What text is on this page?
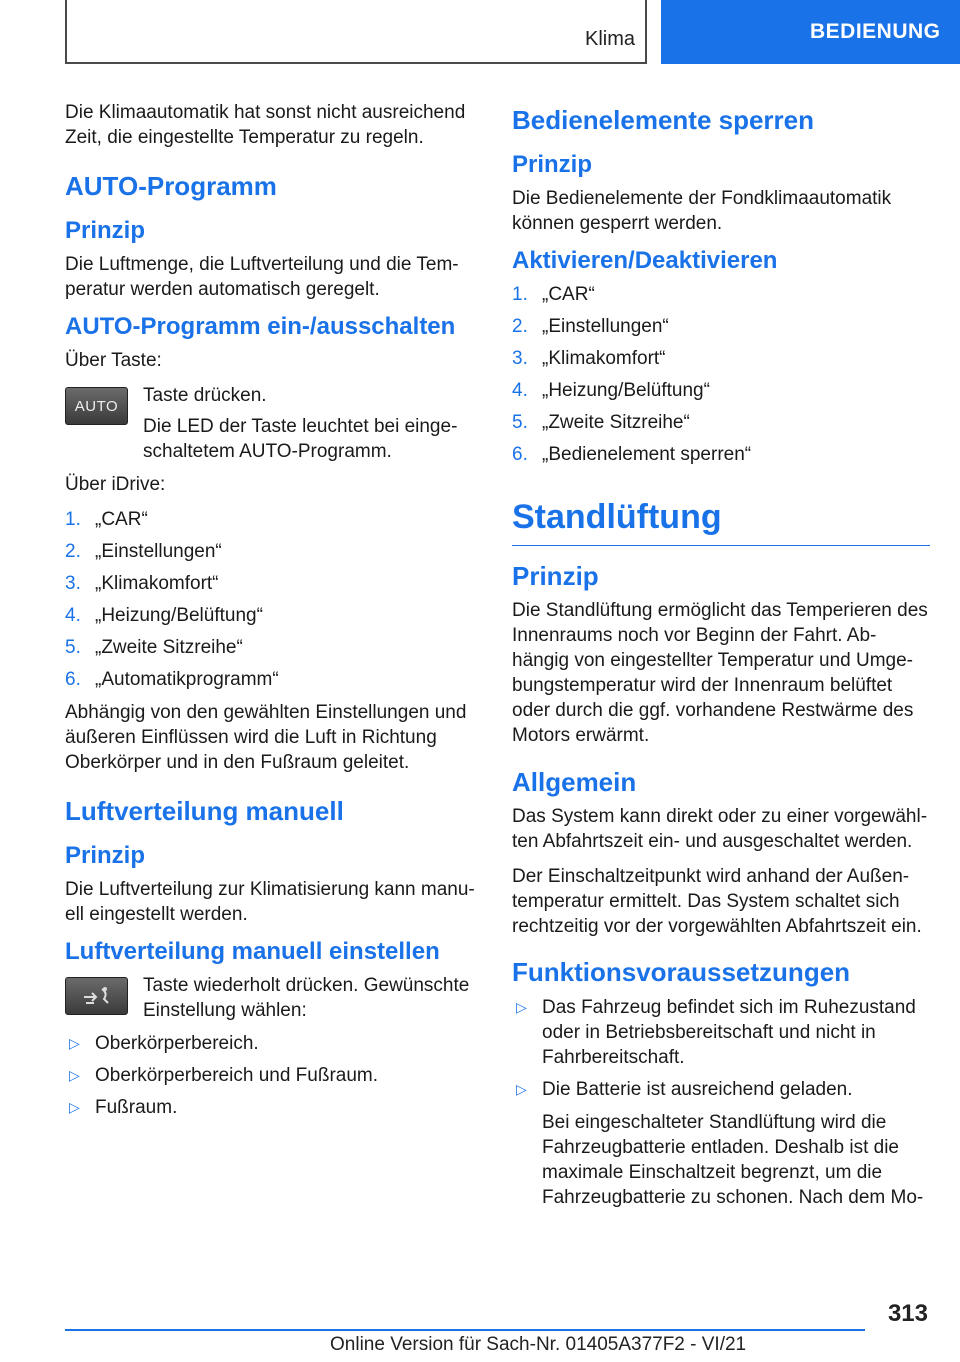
Klima	BEDIENUNG

Die Klimaautomatik hat sonst nicht ausreichend Zeit, die eingestellte Temperatur zu regeln.

AUTO-Programm
Prinzip

Die Luftmenge, die Luftverteilung und die Tem-peratur werden automatisch geregelt.

AUTO-Programm ein-/ausschalten

Über Taste:

AUTO Taste drücken.

Die LED der Taste leuchtet bei einge-schaltetem AUTO-Programm.

Über iDrive:

1. „CAR“
2. „Einstellungen“
3. „Klimakomfort“
4. „Heizung/Belüftung“
5. „Zweite Sitzreihe“
6. „Automatikprogramm“

Abhängig von den gewählten Einstellungen und äußeren Einflüssen wird die Luft in Richtung Oberkörper und in den Fußraum geleitet.

Luftverteilung manuell
Prinzip

Die Luftverteilung zur Klimatisierung kann manu-ell eingestellt werden.

Luftverteilung manuell einstellen

Taste wiederholt drücken. Gewünschte Einstellung wählen:

▷ Oberkörperbereich.
▷ Oberkörperbereich und Fußraum.
▷ Fußraum.
Bedienelemente sperren
Prinzip

Die Bedienelemente der Fondklimaautomatik können gesperrt werden.

Aktivieren/Deaktivieren
1. „CAR“
2. „Einstellungen“
3. „Klimakomfort“
4. „Heizung/Belüftung“
5. „Zweite Sitzreihe“
6. „Bedienelement sperren“
Standlüftung
Prinzip

Die Standlüftung ermöglicht das Temperieren des Innenraums noch vor Beginn der Fahrt. Ab-hängig von eingestellter Temperatur und Umge-bungstemperatur wird der Innenraum belüftet oder durch die ggf. vorhandene Restwärme des Motors erwärmt.

Allgemein

Das System kann direkt oder zu einer vorgewähl-ten Abfahrtszeit ein- und ausgeschaltet werden.

Der Einschaltzeitpunkt wird anhand der Außen-temperatur ermittelt. Das System schaltet sich rechtzeitig vor der vorgewählten Abfahrtszeit ein.

Funktionsvoraussetzungen
▷ Das Fahrzeug befindet sich im Ruhezustand oder in Betriebsbereitschaft und nicht in Fahrbereitschaft.
▷ Die Batterie ist ausreichend geladen.

Bei eingeschalteter Standlüftung wird die Fahrzeugbatterie entladen. Deshalb ist die maximale Einschaltzeit begrenzt, um die Fahrzeugbatterie zu schonen. Nach dem Mo-

313
Online Version für Sach-Nr. 01405A377F2 - VI/21
